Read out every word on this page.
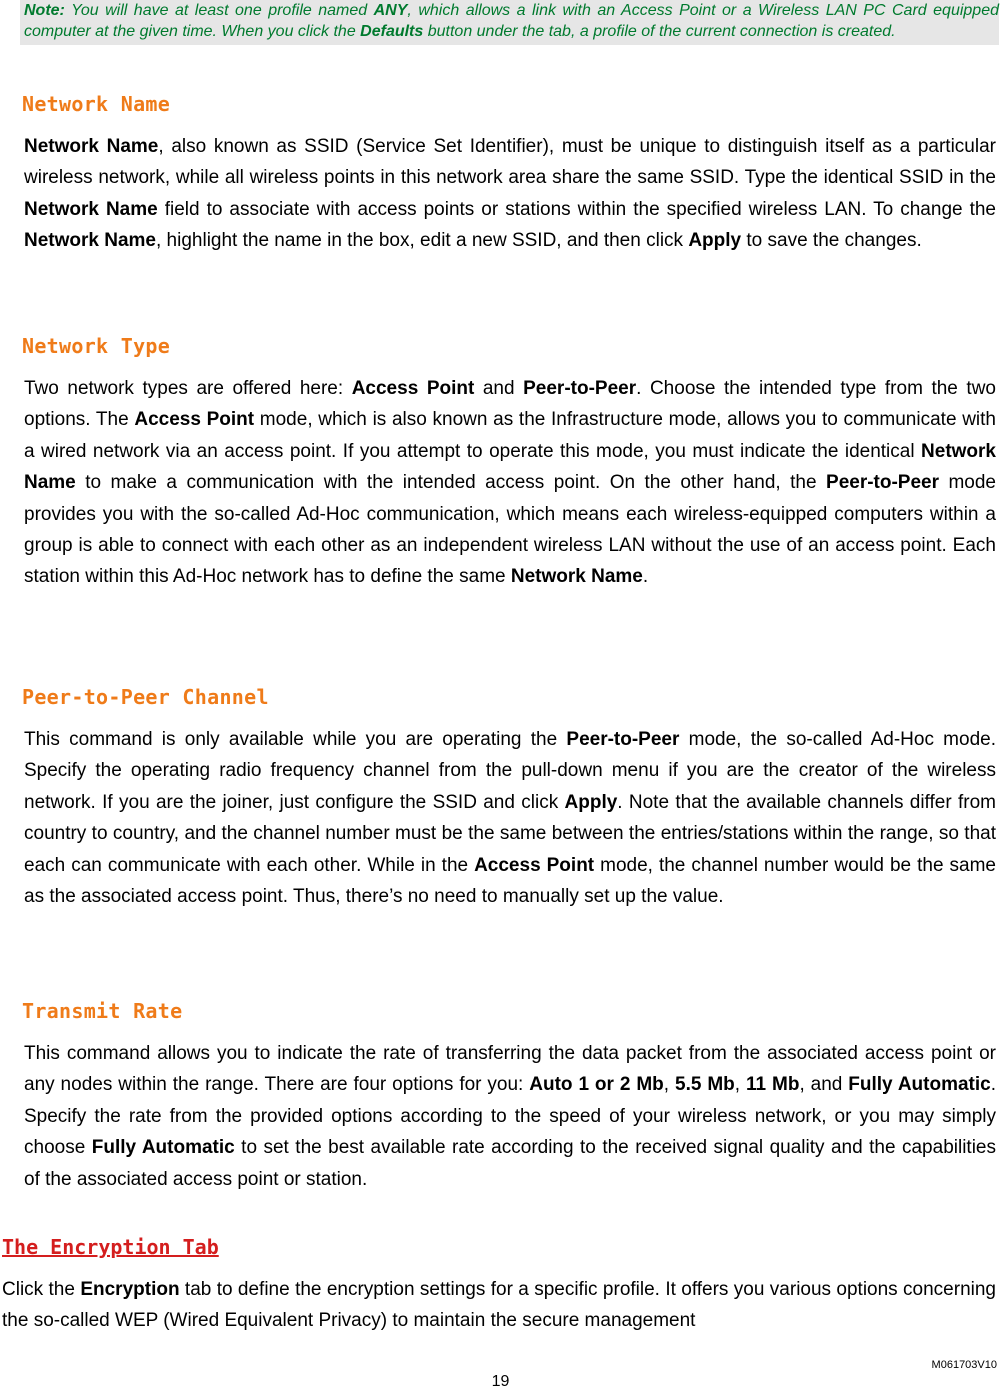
Note: You will have at least one profile named ANY, which allows a link with an Access Point or a Wireless LAN PC Card equipped computer at the given time. When you click the Defaults button under the tab, a profile of the current connection is created.
Network Name
Network Name, also known as SSID (Service Set Identifier), must be unique to distinguish itself as a particular wireless network, while all wireless points in this network area share the same SSID. Type the identical SSID in the Network Name field to associate with access points or stations within the specified wireless LAN. To change the Network Name, highlight the name in the box, edit a new SSID, and then click Apply to save the changes.
Network Type
Two network types are offered here: Access Point and Peer-to-Peer. Choose the intended type from the two options. The Access Point mode, which is also known as the Infrastructure mode, allows you to communicate with a wired network via an access point. If you attempt to operate this mode, you must indicate the identical Network Name to make a communication with the intended access point. On the other hand, the Peer-to-Peer mode provides you with the so-called Ad-Hoc communication, which means each wireless-equipped computers within a group is able to connect with each other as an independent wireless LAN without the use of an access point. Each station within this Ad-Hoc network has to define the same Network Name.
Peer-to-Peer Channel
This command is only available while you are operating the Peer-to-Peer mode, the so-called Ad-Hoc mode. Specify the operating radio frequency channel from the pull-down menu if you are the creator of the wireless network. If you are the joiner, just configure the SSID and click Apply. Note that the available channels differ from country to country, and the channel number must be the same between the entries/stations within the range, so that each can communicate with each other. While in the Access Point mode, the channel number would be the same as the associated access point. Thus, there’s no need to manually set up the value.
Transmit Rate
This command allows you to indicate the rate of transferring the data packet from the associated access point or any nodes within the range. There are four options for you: Auto 1 or 2 Mb, 5.5 Mb, 11 Mb, and Fully Automatic. Specify the rate from the provided options according to the speed of your wireless network, or you may simply choose Fully Automatic to set the best available rate according to the received signal quality and the capabilities of the associated access point or station.
The Encryption Tab
Click the Encryption tab to define the encryption settings for a specific profile. It offers you various options concerning the so-called WEP (Wired Equivalent Privacy) to maintain the secure management
M061703V10
19
